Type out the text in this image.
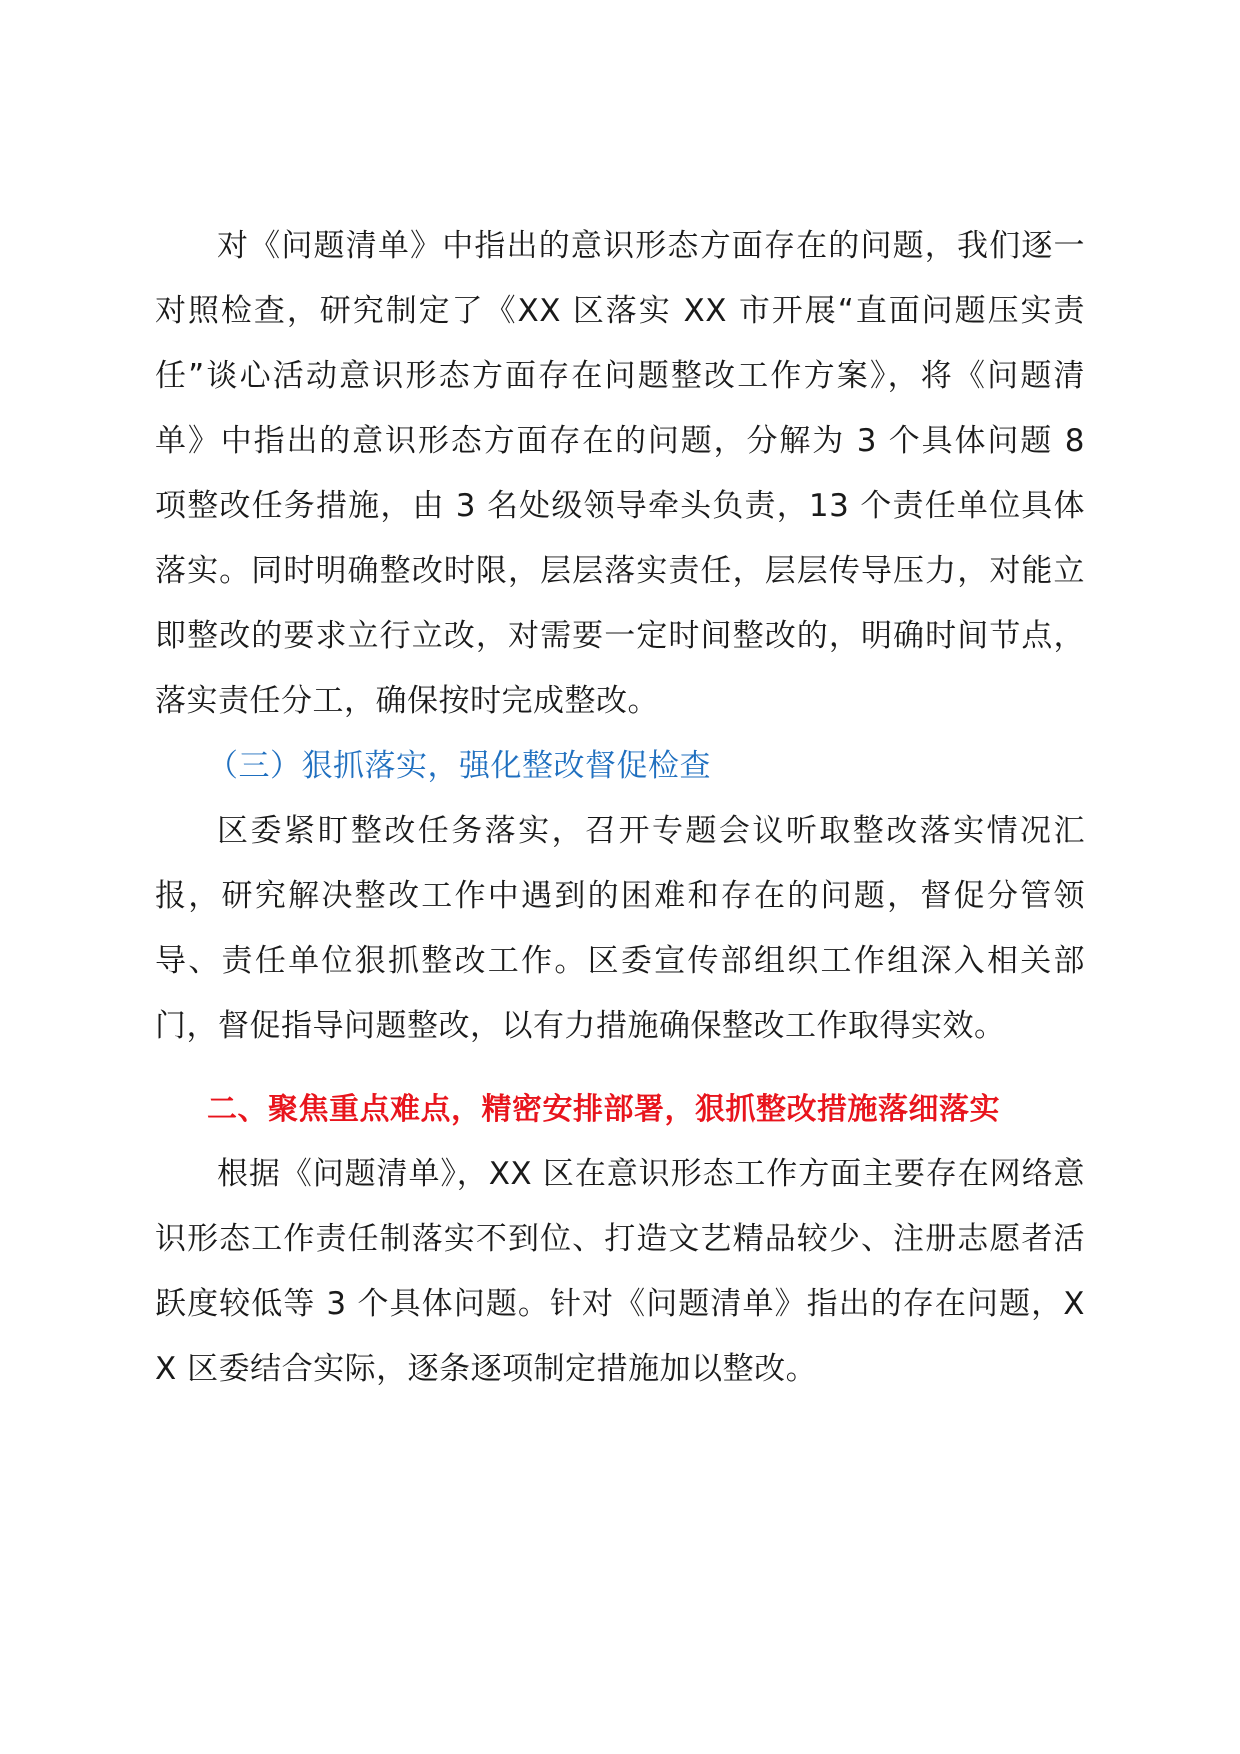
对《问题清单》中指出的意识形态方面存在的问题，我们逐一对照检查，研究制定了《XX 区落实 XX 市开展“直面问题压实责任”谈心活动意识形态方面存在问题整改工作方案》，将《问题清单》中指出的意识形态方面存在的问题，分解为 3 个具体问题 8 项整改任务措施，由 3 名处级领导牵头负责，13 个责任单位具体落实。同时明确整改时限，层层落实责任，层层传导压力，对能立即整改的要求立行立改，对需要一定时间整改的，明确时间节点，落实责任分工，确保按时完成整改。

（三）狠抓落实，强化整改督促检查

区委紧盯整改任务落实，召开专题会议听取整改落实情况汇报，研究解决整改工作中遇到的困难和存在的问题，督促分管领导、责任单位狠抓整改工作。区委宣传部组织工作组深入相关部门，督促指导问题整改，以有力措施确保整改工作取得实效。

二、聚焦重点难点，精密安排部署，狠抓整改措施落细落实

根据《问题清单》，XX 区在意识形态工作方面主要存在网络意识形态工作责任制落实不到位、打造文艺精品较少、注册志愿者活跃度较低等 3 个具体问题。针对《问题清单》指出的存在问题，XX 区委结合实际，逐条逐项制定措施加以整改。
